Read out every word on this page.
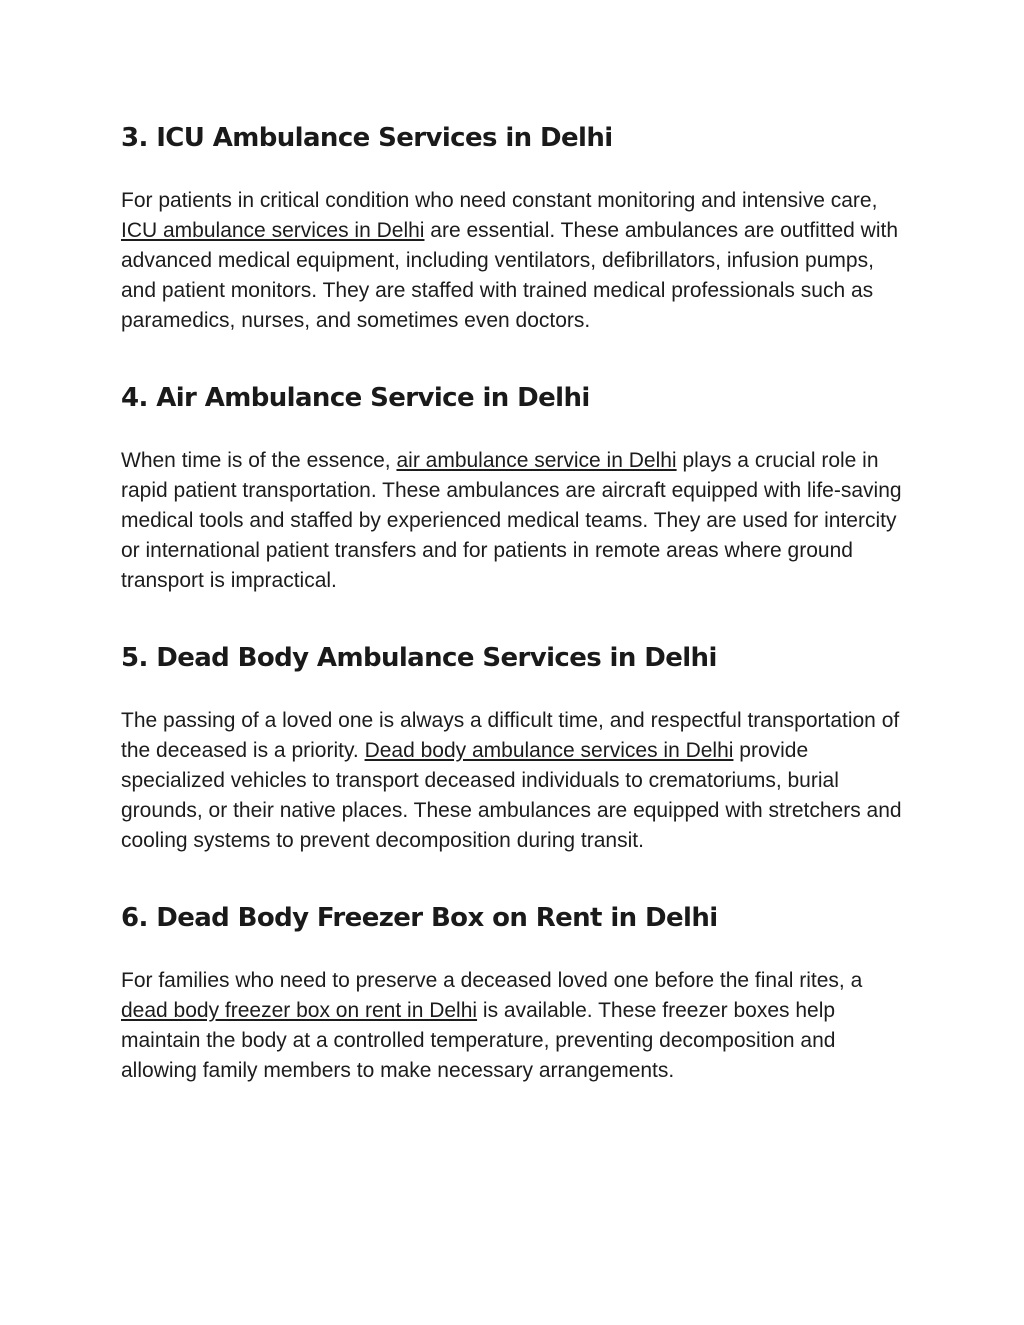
3. ICU Ambulance Services in Delhi

For patients in critical condition who need constant monitoring and intensive care, ICU ambulance services in Delhi are essential. These ambulances are outfitted with advanced medical equipment, including ventilators, defibrillators, infusion pumps, and patient monitors. They are staffed with trained medical professionals such as paramedics, nurses, and sometimes even doctors.

4. Air Ambulance Service in Delhi

When time is of the essence, air ambulance service in Delhi plays a crucial role in rapid patient transportation. These ambulances are aircraft equipped with life-saving medical tools and staffed by experienced medical teams. They are used for intercity or international patient transfers and for patients in remote areas where ground transport is impractical.

5. Dead Body Ambulance Services in Delhi

The passing of a loved one is always a difficult time, and respectful transportation of the deceased is a priority. Dead body ambulance services in Delhi provide specialized vehicles to transport deceased individuals to crematoriums, burial grounds, or their native places. These ambulances are equipped with stretchers and cooling systems to prevent decomposition during transit.

6. Dead Body Freezer Box on Rent in Delhi

For families who need to preserve a deceased loved one before the final rites, a dead body freezer box on rent in Delhi is available. These freezer boxes help maintain the body at a controlled temperature, preventing decomposition and allowing family members to make necessary arrangements.
